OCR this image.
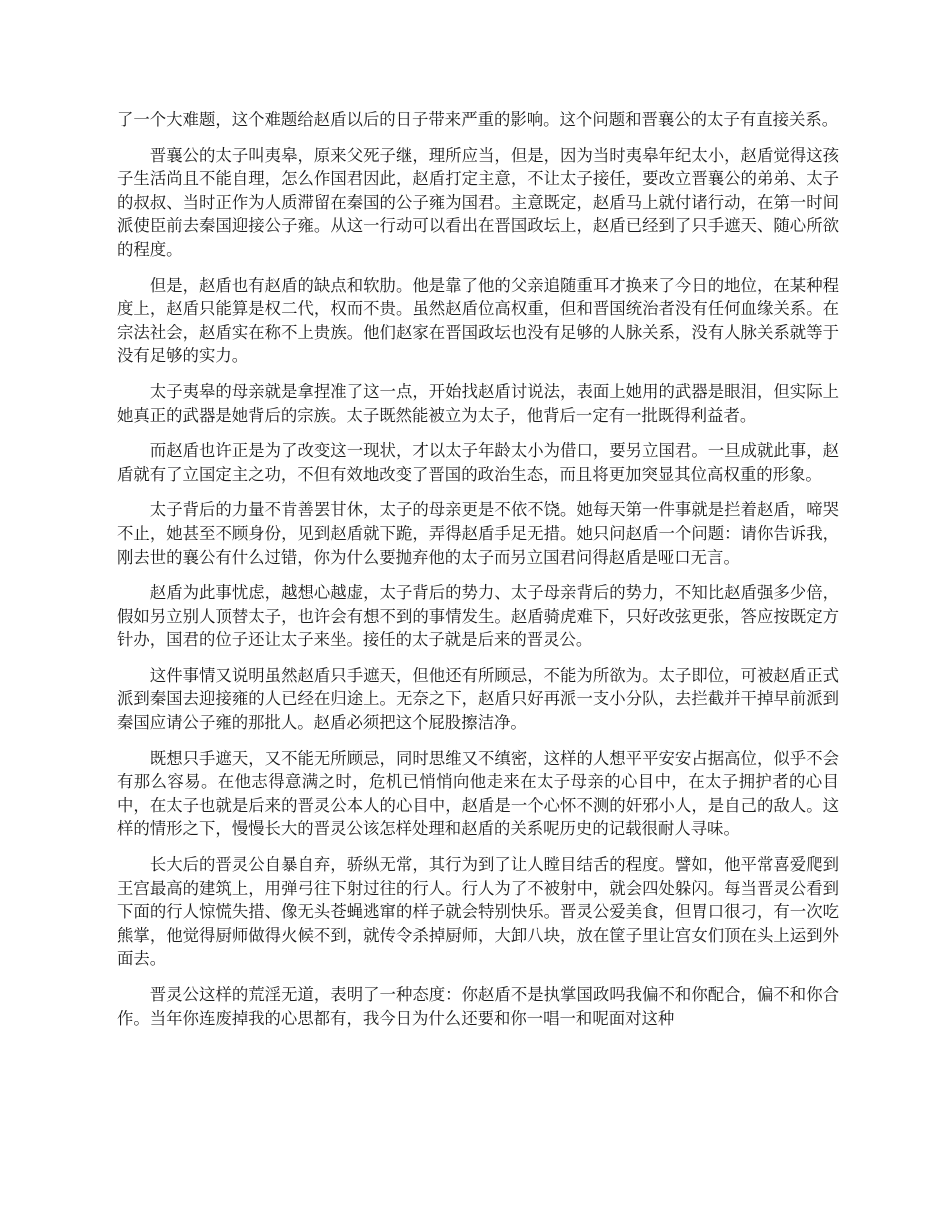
了一个大难题，这个难题给赵盾以后的日子带来严重的影响。这个问题和晋襄公的太子有直接关系。

晋襄公的太子叫夷皋，原来父死子继，理所应当，但是，因为当时夷皋年纪太小，赵盾觉得这孩子生活尚且不能自理，怎么作国君因此，赵盾打定主意，不让太子接任，要改立晋襄公的弟弟、太子的叔叔、当时正作为人质滞留在秦国的公子雍为国君。主意既定，赵盾马上就付诸行动，在第一时间派使臣前去秦国迎接公子雍。从这一行动可以看出在晋国政坛上，赵盾已经到了只手遮天、随心所欲的程度。

但是，赵盾也有赵盾的缺点和软肋。他是靠了他的父亲追随重耳才换来了今日的地位，在某种程度上，赵盾只能算是权二代，权而不贵。虽然赵盾位高权重，但和晋国统治者没有任何血缘关系。在宗法社会，赵盾实在称不上贵族。他们赵家在晋国政坛也没有足够的人脉关系，没有人脉关系就等于没有足够的实力。

太子夷皋的母亲就是拿捏准了这一点，开始找赵盾讨说法，表面上她用的武器是眼泪，但实际上她真正的武器是她背后的宗族。太子既然能被立为太子，他背后一定有一批既得利益者。

而赵盾也许正是为了改变这一现状，才以太子年龄太小为借口，要另立国君。一旦成就此事，赵盾就有了立国定主之功，不但有效地改变了晋国的政治生态，而且将更加突显其位高权重的形象。

太子背后的力量不肯善罢甘休，太子的母亲更是不依不饶。她每天第一件事就是拦着赵盾，啼哭不止，她甚至不顾身份，见到赵盾就下跪，弄得赵盾手足无措。她只问赵盾一个问题：请你告诉我，刚去世的襄公有什么过错，你为什么要抛弃他的太子而另立国君问得赵盾是哑口无言。

赵盾为此事忧虑，越想心越虚，太子背后的势力、太子母亲背后的势力，不知比赵盾强多少倍，假如另立别人顶替太子，也许会有想不到的事情发生。赵盾骑虎难下，只好改弦更张，答应按既定方针办，国君的位子还让太子来坐。接任的太子就是后来的晋灵公。

这件事情又说明虽然赵盾只手遮天，但他还有所顾忌，不能为所欲为。太子即位，可被赵盾正式派到秦国去迎接雍的人已经在归途上。无奈之下，赵盾只好再派一支小分队，去拦截并干掉早前派到秦国应请公子雍的那批人。赵盾必须把这个屁股擦洁净。

既想只手遮天，又不能无所顾忌，同时思维又不缜密，这样的人想平平安安占据高位，似乎不会有那么容易。在他志得意满之时，危机已悄悄向他走来在太子母亲的心目中，在太子拥护者的心目中，在太子也就是后来的晋灵公本人的心目中，赵盾是一个心怀不测的奸邪小人，是自己的敌人。这样的情形之下，慢慢长大的晋灵公该怎样处理和赵盾的关系呢历史的记载很耐人寻味。

长大后的晋灵公自暴自弃，骄纵无常，其行为到了让人瞠目结舌的程度。譬如，他平常喜爱爬到王宫最高的建筑上，用弹弓往下射过往的行人。行人为了不被射中，就会四处躲闪。每当晋灵公看到下面的行人惊慌失措、像无头苍蝇逃窜的样子就会特别快乐。晋灵公爱美食，但胃口很刁，有一次吃熊掌，他觉得厨师做得火候不到，就传令杀掉厨师，大卸八块，放在筐子里让宫女们顶在头上运到外面去。

晋灵公这样的荒淫无道，表明了一种态度：你赵盾不是执掌国政吗我偏不和你配合，偏不和你合作。当年你连废掉我的心思都有，我今日为什么还要和你一唱一和呢面对这种
